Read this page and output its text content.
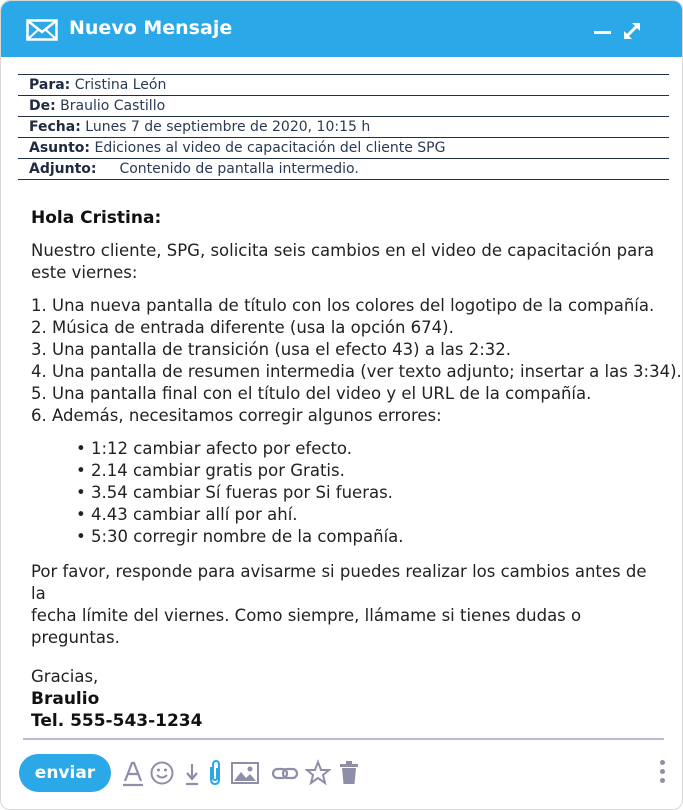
Nuevo Mensaje
Para: Cristina León
De: Braulio Castillo
Fecha: Lunes 7 de septiembre de 2020, 10:15 h
Asunto: Ediciones al video de capacitación del cliente SPG
Adjunto: Contenido de pantalla intermedio.
Hola Cristina:
Nuestro cliente, SPG, solicita seis cambios en el video de capacitación para
este viernes:
1. Una nueva pantalla de título con los colores del logotipo de la compañía.
2. Música de entrada diferente (usa la opción 674).
3. Una pantalla de transición (usa el efecto 43) a las 2:32.
4. Una pantalla de resumen intermedia (ver texto adjunto; insertar a las 3:34).
5. Una pantalla final con el título del video y el URL de la compañía.
6. Además, necesitamos corregir algunos errores:
• 1:12 cambiar afecto por efecto.
• 2.14 cambiar gratis por Gratis.
• 3.54 cambiar Sí fueras por Si fueras.
• 4.43 cambiar allí por ahí.
• 5:30 corregir nombre de la compañía.
Por favor, responde para avisarme si puedes realizar los cambios antes de la
fecha límite del viernes. Como siempre, llámame si tienes dudas o preguntas.
Gracias,
Braulio
Tel. 555-543-1234
enviar
